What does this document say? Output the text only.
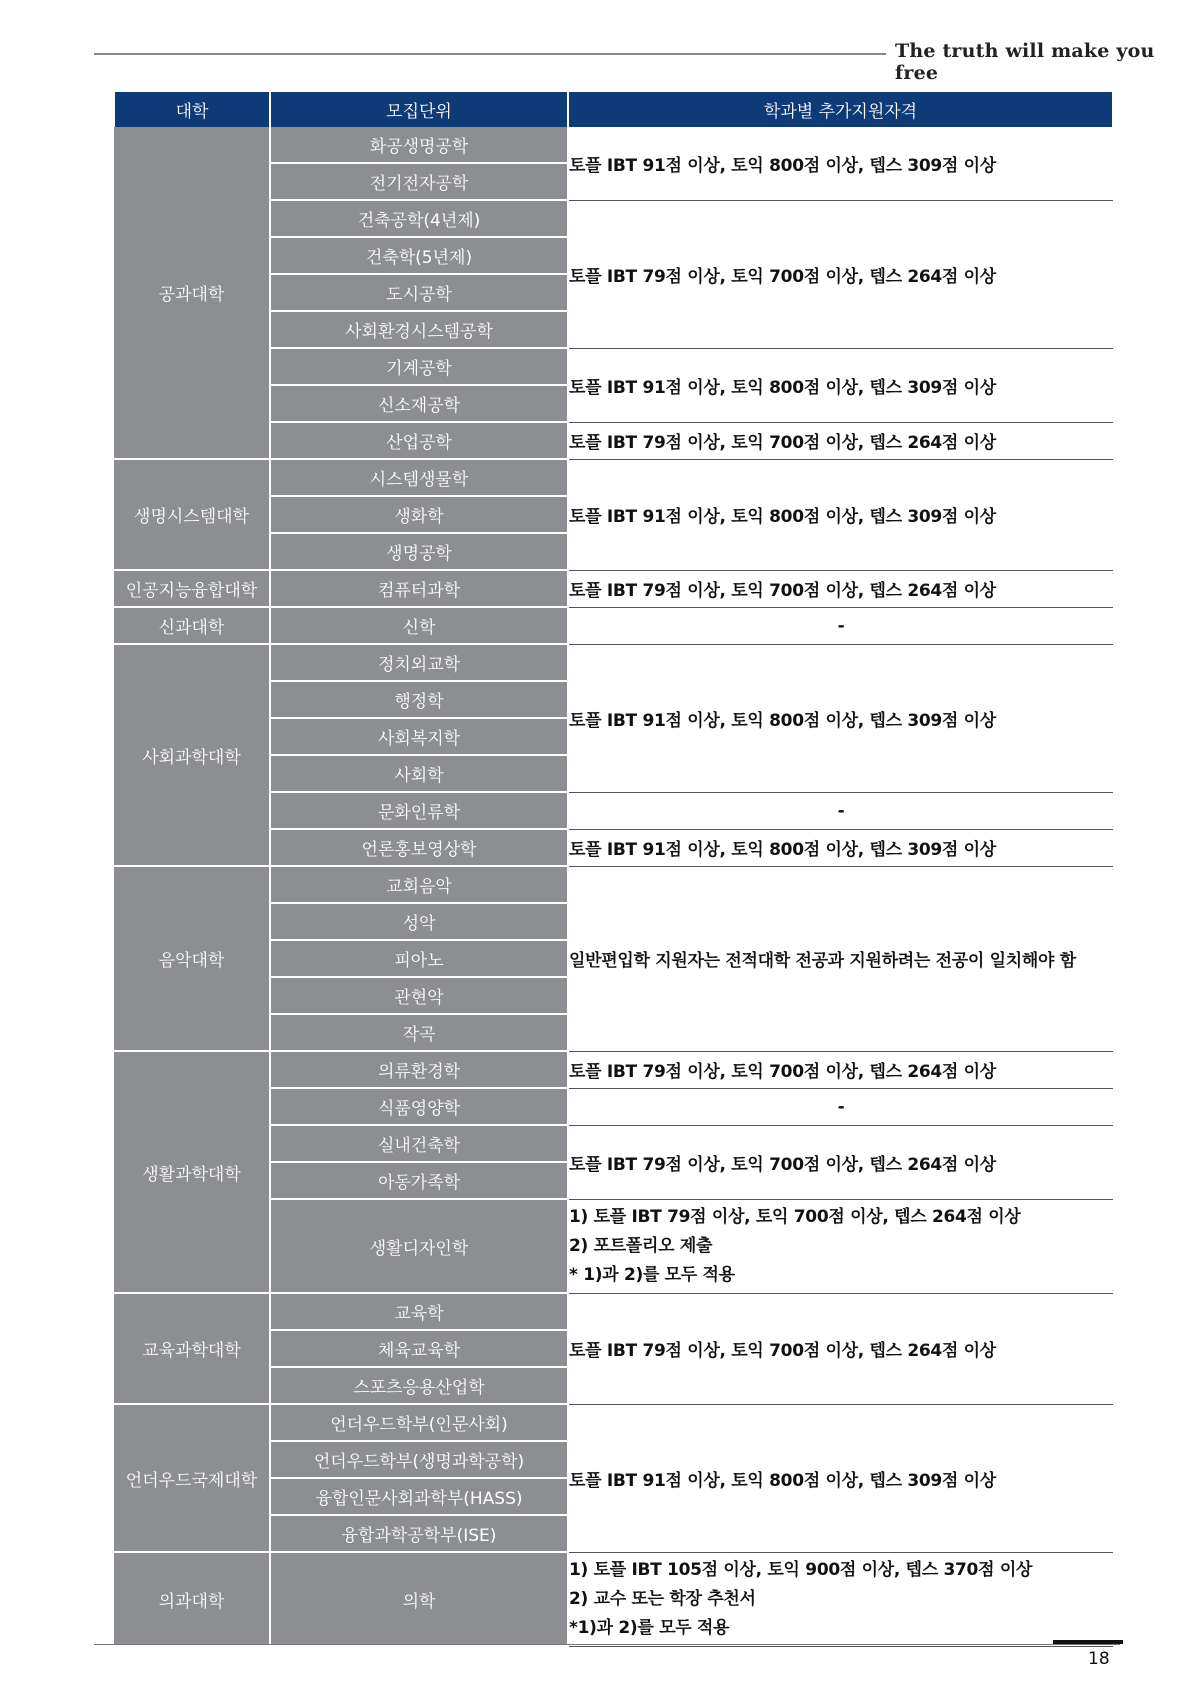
The truth will make you free
대학	모집단위	학과별 추가지원자격
공과대학	화공생명공학	토플 IBT 91점 이상, 토익 800점 이상, 텝스 309점 이상
	전기전자공학	
	건축공학(4년제)	토플 IBT 79점 이상, 토익 700점 이상, 텝스 264점 이상
	건축학(5년제)	
	도시공학	
	사회환경시스템공학	
	기계공학	토플 IBT 91점 이상, 토익 800점 이상, 텝스 309점 이상
	신소재공학	
	산업공학	토플 IBT 79점 이상, 토익 700점 이상, 텝스 264점 이상
생명시스템대학	시스템생물학	토플 IBT 91점 이상, 토익 800점 이상, 텝스 309점 이상
	생화학	
	생명공학	
인공지능융합대학	컴퓨터과학	토플 IBT 79점 이상, 토익 700점 이상, 텝스 264점 이상
신과대학	신학	-
사회과학대학	정치외교학	토플 IBT 91점 이상, 토익 800점 이상, 텝스 309점 이상
	행정학	
	사회복지학	
	사회학	
	문화인류학	-
	언론홍보영상학	토플 IBT 91점 이상, 토익 800점 이상, 텝스 309점 이상
음악대학	교회음악	일반편입학 지원자는 전적대학 전공과 지원하려는 전공이 일치해야 함
	성악	
	피아노	
	관현악	
	작곡	
생활과학대학	의류환경학	토플 IBT 79점 이상, 토익 700점 이상, 텝스 264점 이상
	식품영양학	-
	실내건축학	토플 IBT 79점 이상, 토익 700점 이상, 텝스 264점 이상
	아동가족학	
	생활디자인학	1) 토플 IBT 79점 이상, 토익 700점 이상, 텝스 264점 이상
2) 포트폴리오 제출
* 1)과 2)를 모두 적용

교육과학대학	교육학	토플 IBT 79점 이상, 토익 700점 이상, 텝스 264점 이상
	체육교육학	
	스포츠응용산업학	
언더우드국제대학	언더우드학부(인문사회)	토플 IBT 91점 이상, 토익 800점 이상, 텝스 309점 이상
	언더우드학부(생명과학공학)	
	융합인문사회과학부(HASS)	
	융합과학공학부(ISE)	
의과대학	의학	1) 토플 IBT 105점 이상, 토익 900점 이상, 텝스 370점 이상
2) 교수 또는 학장 추천서
*1)과 2)를 모두 적용
18
